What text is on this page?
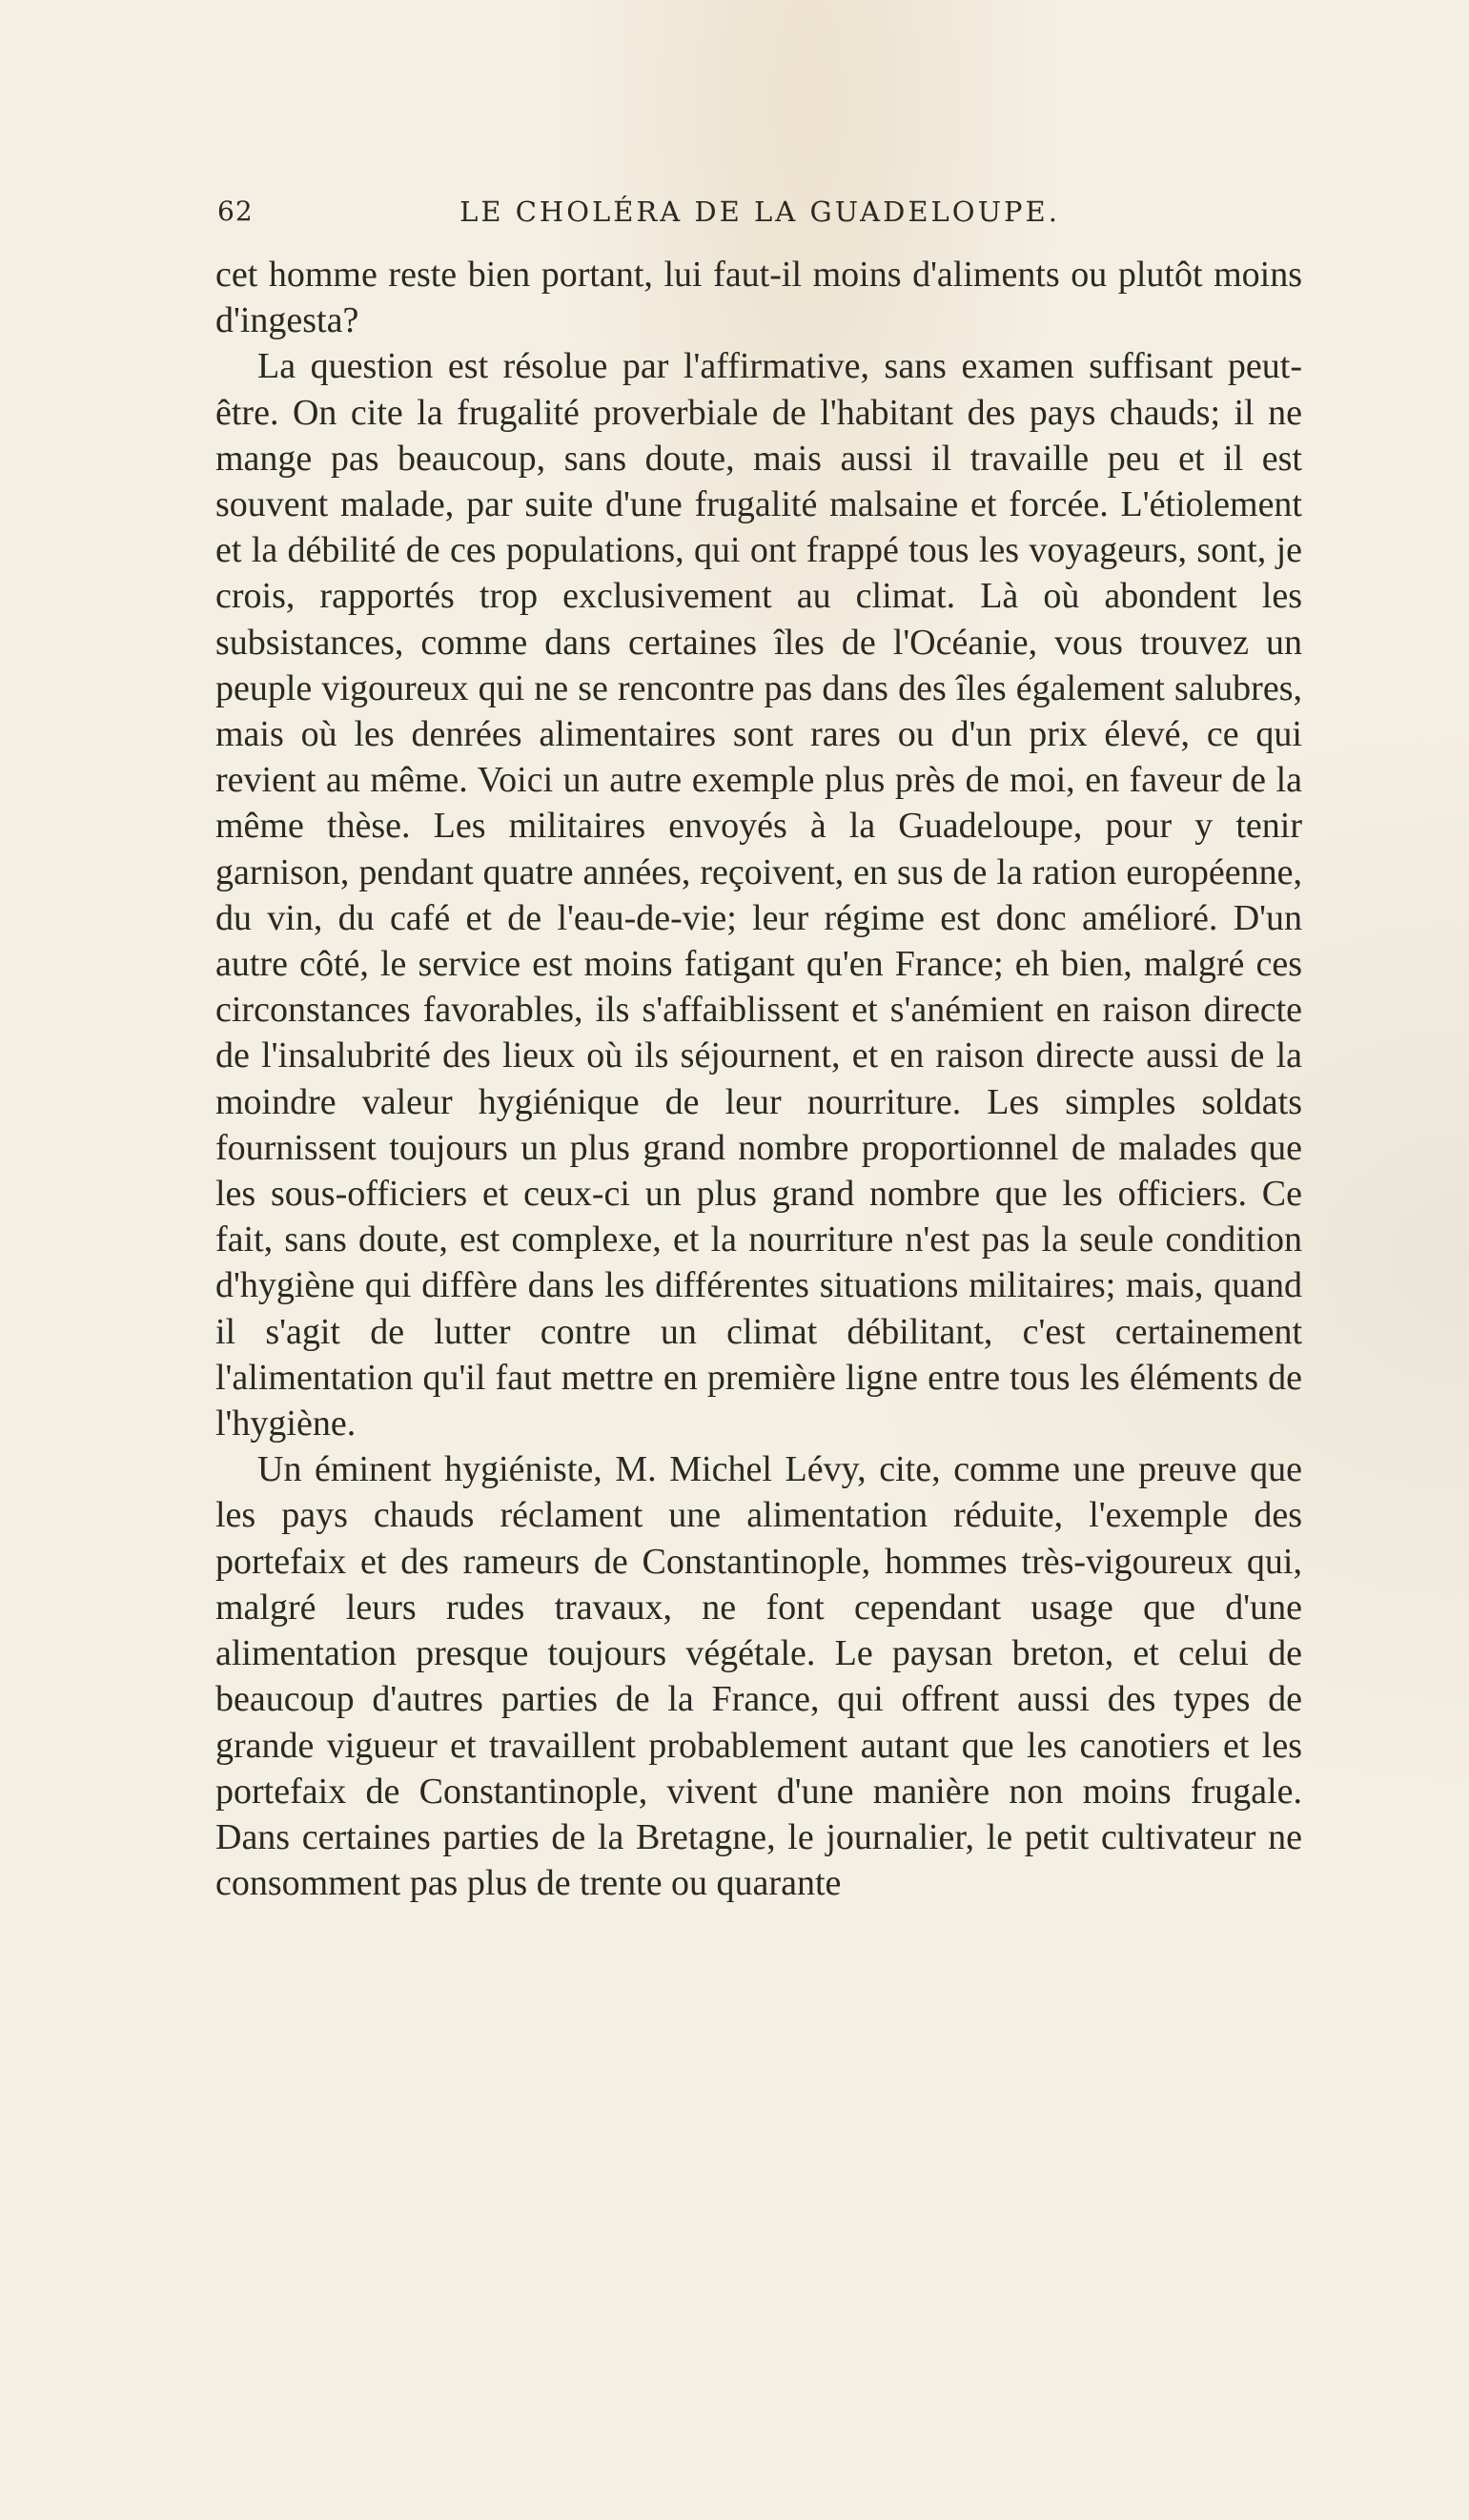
62	LE CHOLÉRA DE LA GUADELOUPE.

cet homme reste bien portant, lui faut-il moins d'aliments ou plutôt moins d'ingesta?

La question est résolue par l'affirmative, sans examen suffisant peut-être. On cite la frugalité proverbiale de l'habitant des pays chauds; il ne mange pas beaucoup, sans doute, mais aussi il travaille peu et il est souvent malade, par suite d'une frugalité malsaine et forcée. L'étiolement et la débilité de ces populations, qui ont frappé tous les voyageurs, sont, je crois, rapportés trop exclusivement au climat. Là où abondent les subsistances, comme dans certaines îles de l'Océanie, vous trouvez un peuple vigoureux qui ne se rencontre pas dans des îles également salubres, mais où les denrées alimentaires sont rares ou d'un prix élevé, ce qui revient au même. Voici un autre exemple plus près de moi, en faveur de la même thèse. Les militaires envoyés à la Guadeloupe, pour y tenir garnison, pendant quatre années, reçoivent, en sus de la ration européenne, du vin, du café et de l'eau-de-vie; leur régime est donc amélioré. D'un autre côté, le service est moins fatigant qu'en France; eh bien, malgré ces circonstances favorables, ils s'affaiblissent et s'anémient en raison directe de l'insalubrité des lieux où ils séjournent, et en raison directe aussi de la moindre valeur hygiénique de leur nourriture. Les simples soldats fournissent toujours un plus grand nombre proportionnel de malades que les sous-officiers et ceux-ci un plus grand nombre que les officiers. Ce fait, sans doute, est complexe, et la nourriture n'est pas la seule condition d'hygiène qui diffère dans les différentes situations militaires; mais, quand il s'agit de lutter contre un climat débilitant, c'est certainement l'alimentation qu'il faut mettre en première ligne entre tous les éléments de l'hygiène.

Un éminent hygiéniste, M. Michel Lévy, cite, comme une preuve que les pays chauds réclament une alimentation réduite, l'exemple des portefaix et des rameurs de Constantinople, hommes très-vigoureux qui, malgré leurs rudes travaux, ne font cependant usage que d'une alimentation presque toujours végétale. Le paysan breton, et celui de beaucoup d'autres parties de la France, qui offrent aussi des types de grande vigueur et travaillent probablement autant que les canotiers et les portefaix de Constantinople, vivent d'une manière non moins frugale. Dans certaines parties de la Bretagne, le journalier, le petit cultivateur ne consomment pas plus de trente ou quarante
